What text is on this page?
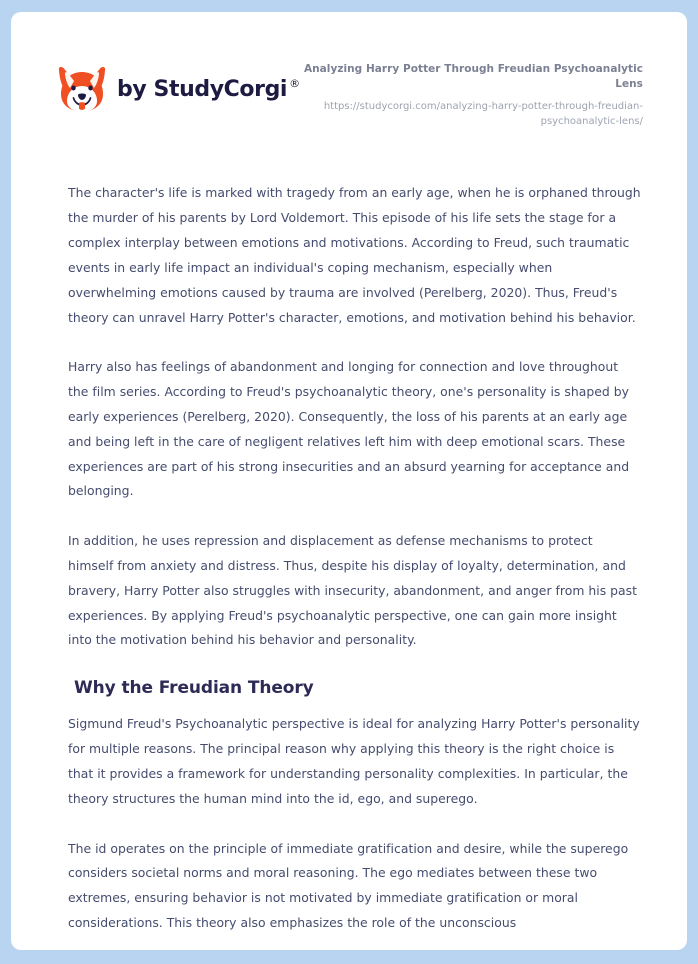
by StudyCorgi ®
Analyzing Harry Potter Through Freudian Psychoanalytic Lens
https://studycorgi.com/analyzing-harry-potter-through-freudian-psychoanalytic-lens/

The character's life is marked with tragedy from an early age, when he is orphaned through the murder of his parents by Lord Voldemort. This episode of his life sets the stage for a complex interplay between emotions and motivations. According to Freud, such traumatic events in early life impact an individual's coping mechanism, especially when overwhelming emotions caused by trauma are involved (Perelberg, 2020). Thus, Freud's theory can unravel Harry Potter's character, emotions, and motivation behind his behavior.

Harry also has feelings of abandonment and longing for connection and love throughout the film series. According to Freud's psychoanalytic theory, one's personality is shaped by early experiences (Perelberg, 2020). Consequently, the loss of his parents at an early age and being left in the care of negligent relatives left him with deep emotional scars. These experiences are part of his strong insecurities and an absurd yearning for acceptance and belonging.

In addition, he uses repression and displacement as defense mechanisms to protect himself from anxiety and distress. Thus, despite his display of loyalty, determination, and bravery, Harry Potter also struggles with insecurity, abandonment, and anger from his past experiences. By applying Freud's psychoanalytic perspective, one can gain more insight into the motivation behind his behavior and personality.

Why the Freudian Theory

Sigmund Freud's Psychoanalytic perspective is ideal for analyzing Harry Potter's personality for multiple reasons. The principal reason why applying this theory is the right choice is that it provides a framework for understanding personality complexities. In particular, the theory structures the human mind into the id, ego, and superego.

The id operates on the principle of immediate gratification and desire, while the superego considers societal norms and moral reasoning. The ego mediates between these two extremes, ensuring behavior is not motivated by immediate gratification or moral considerations. This theory also emphasizes the role of the unconscious
